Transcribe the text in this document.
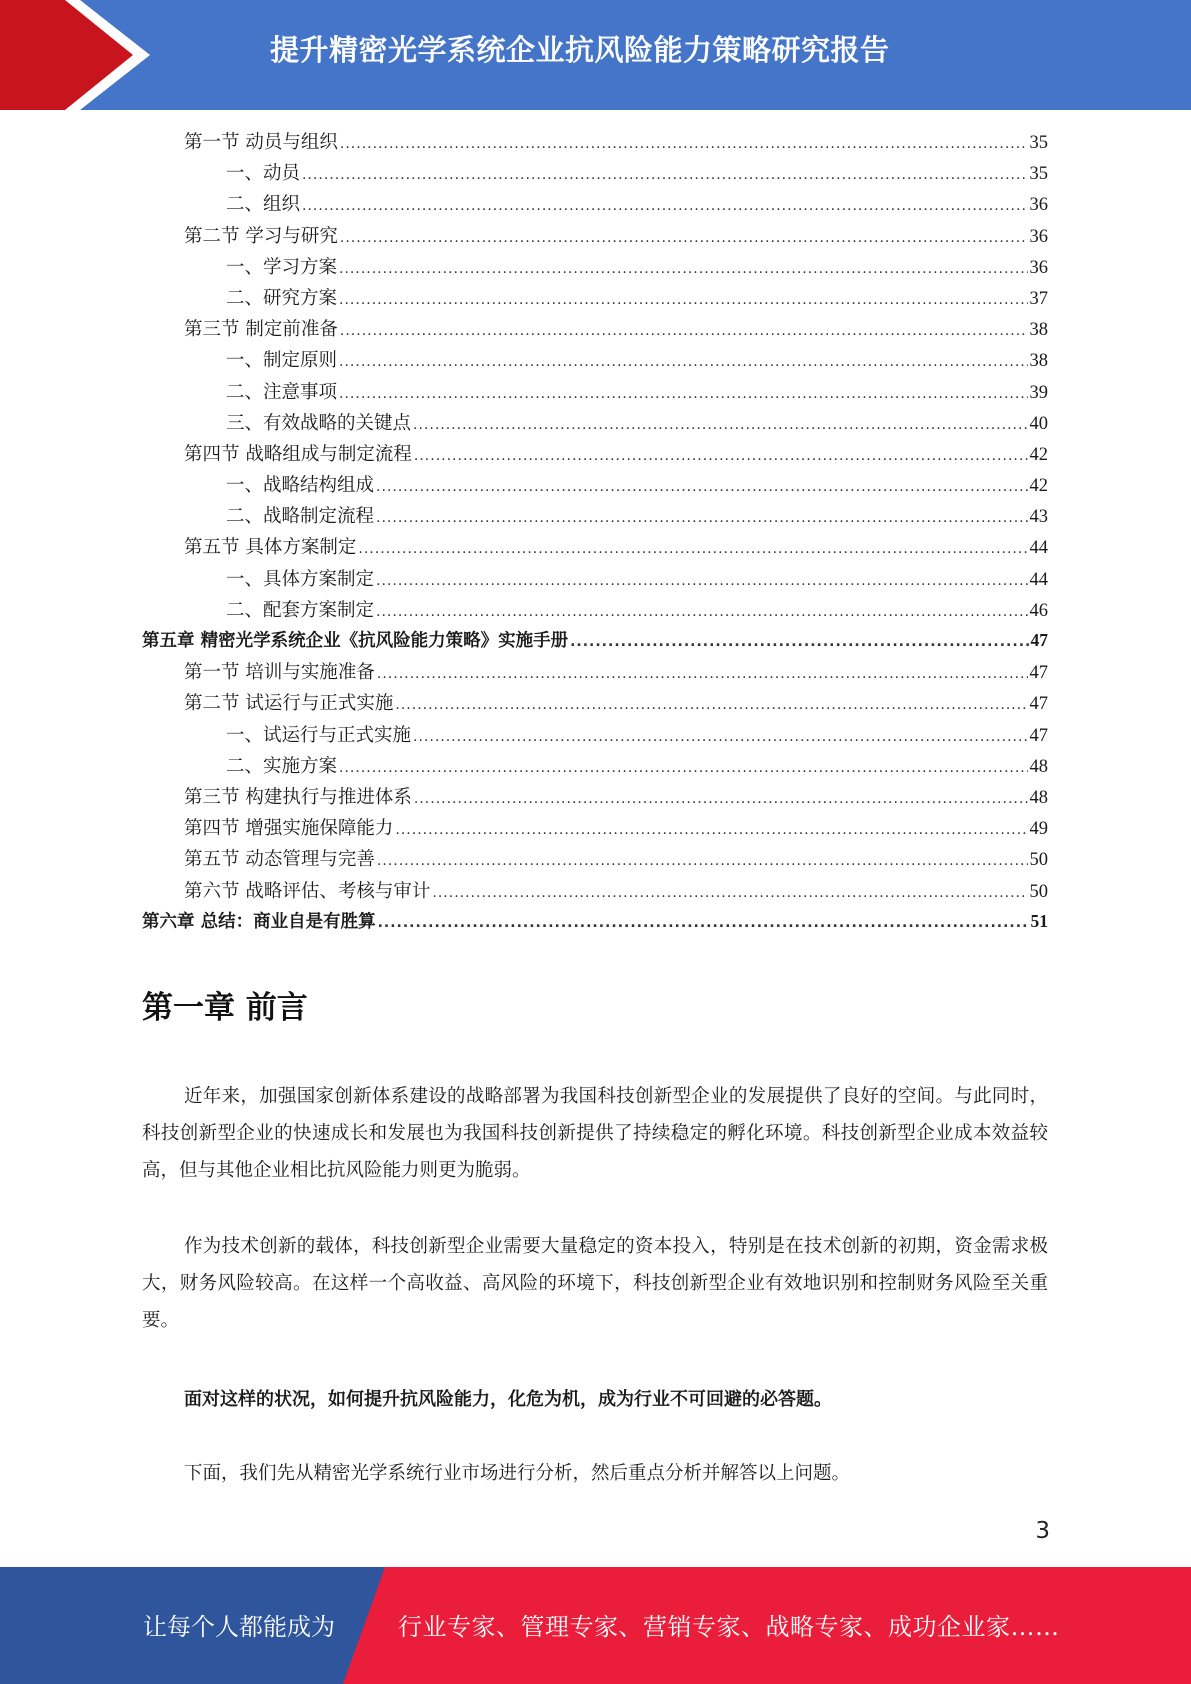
提升精密光学系统企业抗风险能力策略研究报告
第一节 动员与组织 .....	35
一、动员 .....	35
二、组织 .....	36
第二节 学习与研究 .....	36
一、学习方案 .....	36
二、研究方案 .....	37
第三节 制定前准备 .....	38
一、制定原则 .....	38
二、注意事项 .....	39
三、有效战略的关键点 .....	40
第四节 战略组成与制定流程 .....	42
一、战略结构组成 .....	42
二、战略制定流程 .....	43
第五节 具体方案制定 .....	44
一、具体方案制定 .....	44
二、配套方案制定 .....	46
第五章 精密光学系统企业《抗风险能力策略》实施手册 .....	47
第一节 培训与实施准备 .....	47
第二节 试运行与正式实施 .....	47
一、试运行与正式实施 .....	47
二、实施方案 .....	48
第三节 构建执行与推进体系 .....	48
第四节 增强实施保障能力 .....	49
第五节 动态管理与完善 .....	50
第六节 战略评估、考核与审计 .....	50
第六章 总结：商业自是有胜算 .....	51
第一章 前言

近年来，加强国家创新体系建设的战略部署为我国科技创新型企业的发展提供了良好的空间。与此同时，科技创新型企业的快速成长和发展也为我国科技创新提供了持续稳定的孵化环境。科技创新型企业成本效益较高，但与其他企业相比抗风险能力则更为脆弱。

作为技术创新的载体，科技创新型企业需要大量稳定的资本投入，特别是在技术创新的初期，资金需求极大，财务风险较高。在这样一个高收益、高风险的环境下，科技创新型企业有效地识别和控制财务风险至关重要。

面对这样的状况，如何提升抗风险能力，化危为机，成为行业不可回避的必答题。

下面，我们先从精密光学系统行业市场进行分析，然后重点分析并解答以上问题。

3
让每个人都能成为	行业专家、管理专家、营销专家、战略专家、成功企业家……
